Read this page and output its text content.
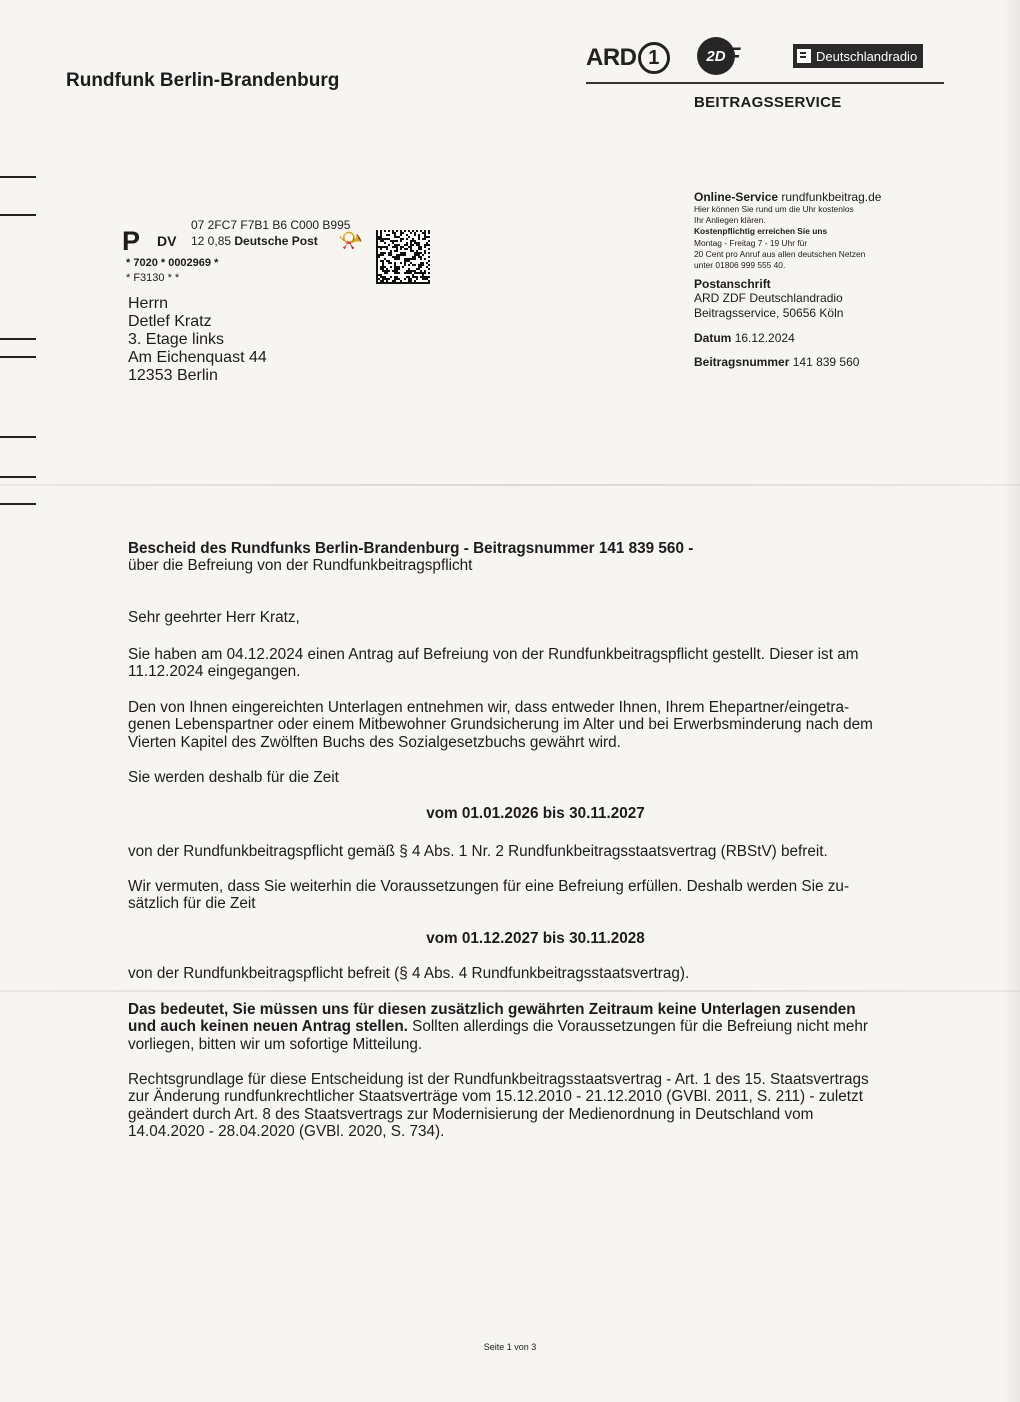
Rundfunk Berlin-Brandenburg
ARD 1	2D F	Deutschlandradio
BEITRAGSSERVICE
Online-Service rundfunkbeitrag.de
Hier können Sie rund um die Uhr kostenlos
Ihr Anliegen klären.
Kostenpflichtig erreichen Sie uns
Montag - Freitag 7 - 19 Uhr für
20 Cent pro Anruf aus allen deutschen Netzen
unter 01806 999 555 40.
Postanschrift
ARD ZDF Deutschlandradio
Beitragsservice, 50656 Köln
Datum 16.12.2024
Beitragsnummer 141 839 560
P DV
07 2FC7 F7B1 B6 C000 B995
12 0,85 Deutsche Post 📯
* 7020 * 0002969 *
* F3130 * *
Herrn
Detlef Kratz
3. Etage links
Am Eichenquast 44
12353 Berlin
Bescheid des Rundfunks Berlin-Brandenburg - Beitragsnummer 141 839 560 -
über die Befreiung von der Rundfunkbeitragspflicht
Sehr geehrter Herr Kratz,
Sie haben am 04.12.2024 einen Antrag auf Befreiung von der Rundfunkbeitragspflicht gestellt. Dieser ist am 11.12.2024 eingegangen.
Den von Ihnen eingereichten Unterlagen entnehmen wir, dass entweder Ihnen, Ihrem Ehepartner/eingetra-
genen Lebenspartner oder einem Mitbewohner Grundsicherung im Alter und bei Erwerbsminderung nach dem
Vierten Kapitel des Zwölften Buchs des Sozialgesetzbuchs gewährt wird.
Sie werden deshalb für die Zeit
vom 01.01.2026 bis 30.11.2027
von der Rundfunkbeitragspflicht gemäß § 4 Abs. 1 Nr. 2 Rundfunkbeitragsstaatsvertrag (RBStV) befreit.
Wir vermuten, dass Sie weiterhin die Voraussetzungen für eine Befreiung erfüllen. Deshalb werden Sie zu-
sätzlich für die Zeit
vom 01.12.2027 bis 30.11.2028
von der Rundfunkbeitragspflicht befreit (§ 4 Abs. 4 Rundfunkbeitragsstaatsvertrag).
Das bedeutet, Sie müssen uns für diesen zusätzlich gewährten Zeitraum keine Unterlagen zusenden
und auch keinen neuen Antrag stellen. Sollten allerdings die Voraussetzungen für die Befreiung nicht mehr
vorliegen, bitten wir um sofortige Mitteilung.
Rechtsgrundlage für diese Entscheidung ist der Rundfunkbeitragsstaatsvertrag - Art. 1 des 15. Staatsvertrags
zur Änderung rundfunkrechtlicher Staatsverträge vom 15.12.2010 - 21.12.2010 (GVBl. 2011, S. 211) - zuletzt
geändert durch Art. 8 des Staatsvertrags zur Modernisierung der Medienordnung in Deutschland vom
14.04.2020 - 28.04.2020 (GVBl. 2020, S. 734).
Seite 1 von 3
